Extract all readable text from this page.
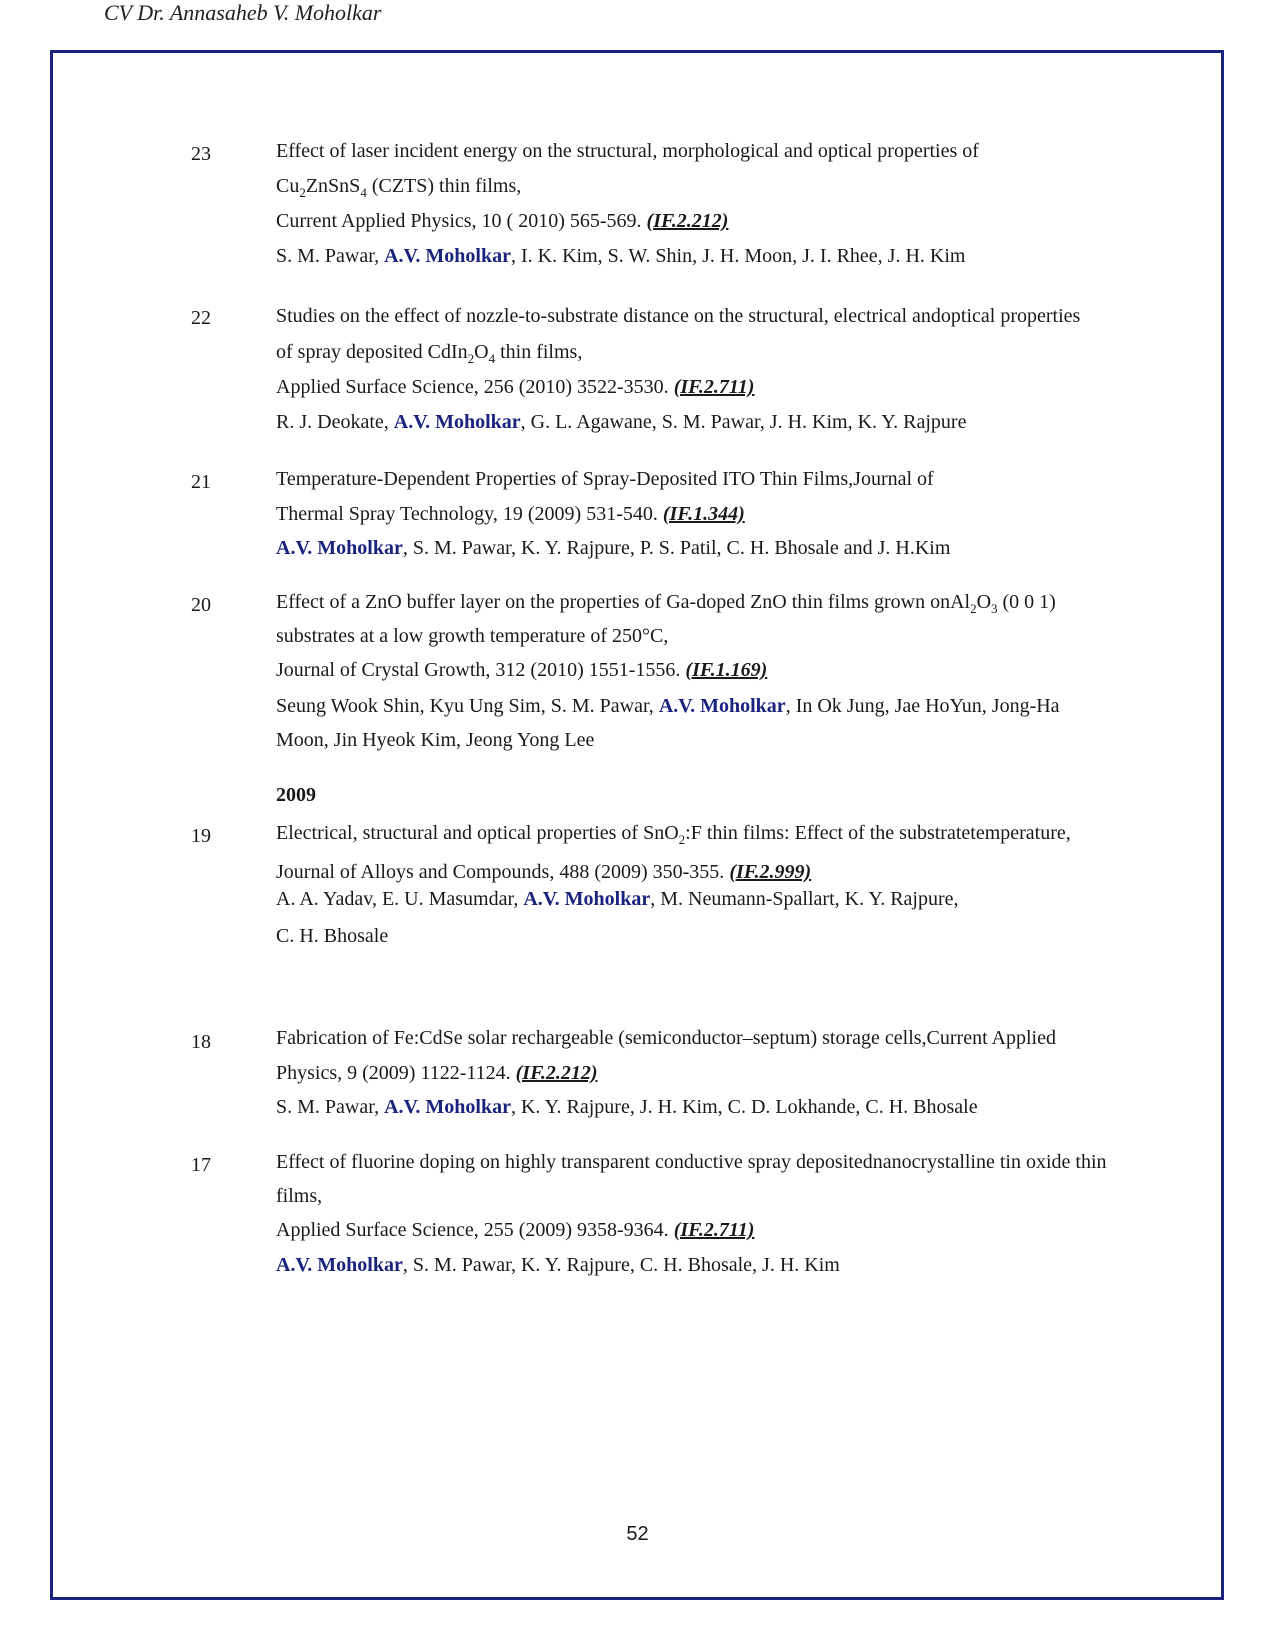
CV Dr. Annasaheb V. Moholkar
23	Effect of laser incident energy on the structural, morphological and optical properties of
$Cu_2ZnSnS_4$ (CZTS) thin films,
Current Applied Physics, 10 ( 2010) 565-569. (IF.2.212)
S. M. Pawar, A.V. Moholkar, I. K. Kim, S. W. Shin, J. H. Moon, J. I. Rhee, J. H. Kim
22	Studies on the effect of nozzle-to-substrate distance on the structural, electrical andoptical properties
of spray deposited $CdIn_2O_4$ thin films,
Applied Surface Science, 256 (2010) 3522-3530. (IF.2.711)
R. J. Deokate, A.V. Moholkar, G. L. Agawane, S. M. Pawar, J. H. Kim, K. Y. Rajpure
21	Temperature-Dependent Properties of Spray-Deposited ITO Thin Films,Journal of
Thermal Spray Technology, 19 (2009) 531-540. (IF.1.344)
A.V. Moholkar, S. M. Pawar, K. Y. Rajpure, P. S. Patil, C. H. Bhosale and J. H.Kim
20	Effect of a ZnO buffer layer on the properties of Ga-doped ZnO thin films grown $onAl_2O_3$ (0 0 1)
substrates at a low growth temperature of 250°C,
Journal of Crystal Growth, 312 (2010) 1551-1556. (IF.1.169)
Seung Wook Shin, Kyu Ung Sim, S. M. Pawar, A.V. Moholkar, In Ok Jung, Jae HoYun, Jong-Ha
Moon, Jin Hyeok Kim, Jeong Yong Lee
2009
19	Electrical, structural and optical properties of SnO$_2$:F thin films: Effect of the substratetemperature,
Journal of Alloys and Compounds, 488 (2009) 350-355. (IF.2.999)
A. A. Yadav, E. U. Masumdar, A.V. Moholkar, M. Neumann-Spallart, K. Y. Rajpure,
C. H. Bhosale
18	Fabrication of Fe:CdSe solar rechargeable (semiconductor–septum) storage cells,Current Applied
Physics, 9 (2009) 1122-1124. (IF.2.212)
S. M. Pawar, A.V. Moholkar, K. Y. Rajpure, J. H. Kim, C. D. Lokhande, C. H. Bhosale
17	Effect of fluorine doping on highly transparent conductive spray depositednanocrystalline tin oxide thin
films,
Applied Surface Science, 255 (2009) 9358-9364. (IF.2.711)
A.V. Moholkar, S. M. Pawar, K. Y. Rajpure, C. H. Bhosale, J. H. Kim
52
